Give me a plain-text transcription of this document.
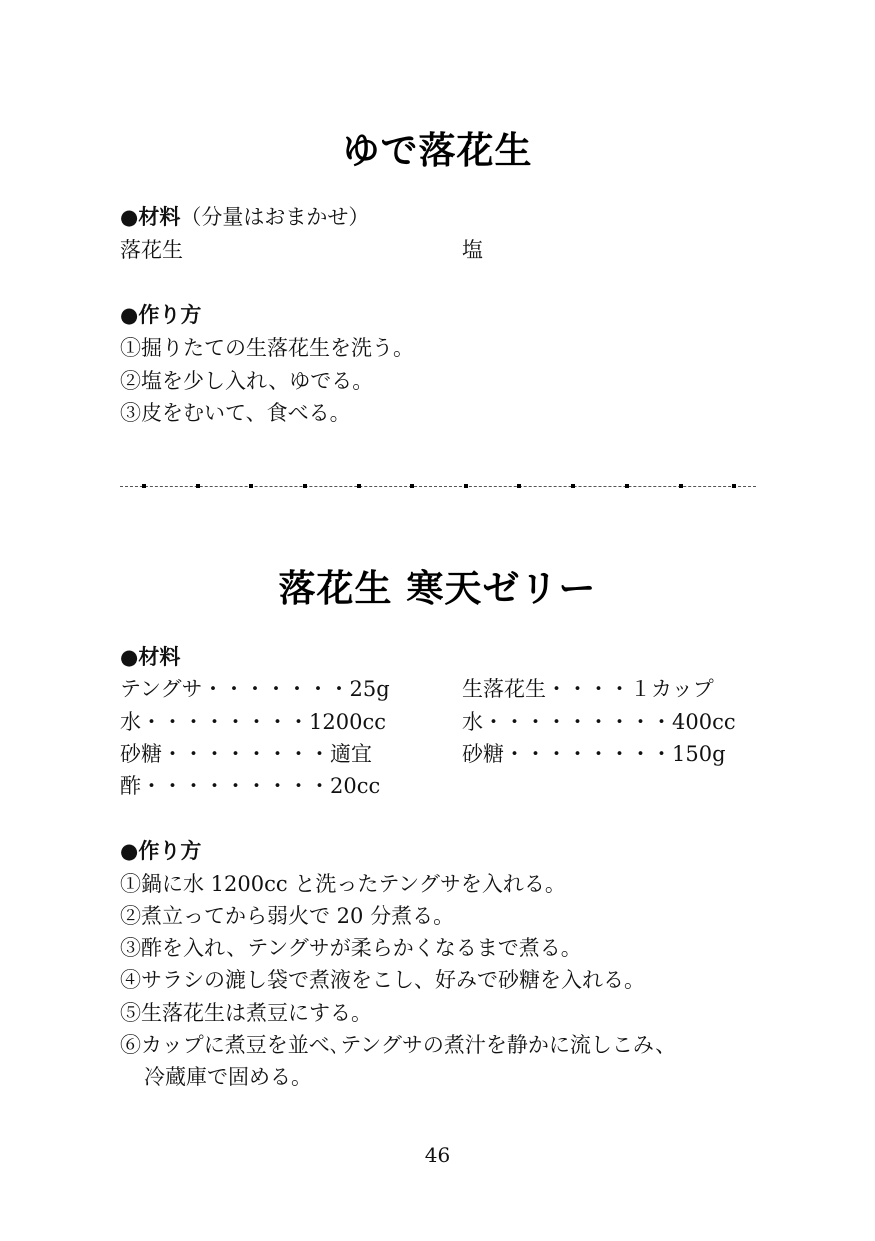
ゆで落花生
●材料（分量はおまかせ）
落花生	塩
●作り方
①掘りたての生落花生を洗う。
②塩を少し入れ、ゆでる。
③皮をむいて、食べる。
落花生 寒天ゼリー
●材料
テングサ・・・・・・・25g
水・・・・・・・・1200cc
砂糖・・・・・・・・適宜
酢・・・・・・・・・20cc
生落花生・・・・１カップ
水・・・・・・・・・400cc
砂糖・・・・・・・・150g
●作り方
①鍋に水 1200cc と洗ったテングサを入れる。
②煮立ってから弱火で 20 分煮る。
③酢を入れ、テングサが柔らかくなるまで煮る。
④サラシの漉し袋で煮液をこし、好みで砂糖を入れる。
⑤生落花生は煮豆にする。
⑥カップに煮豆を並べ､テングサの煮汁を静かに流しこみ、
冷蔵庫で固める。
46
